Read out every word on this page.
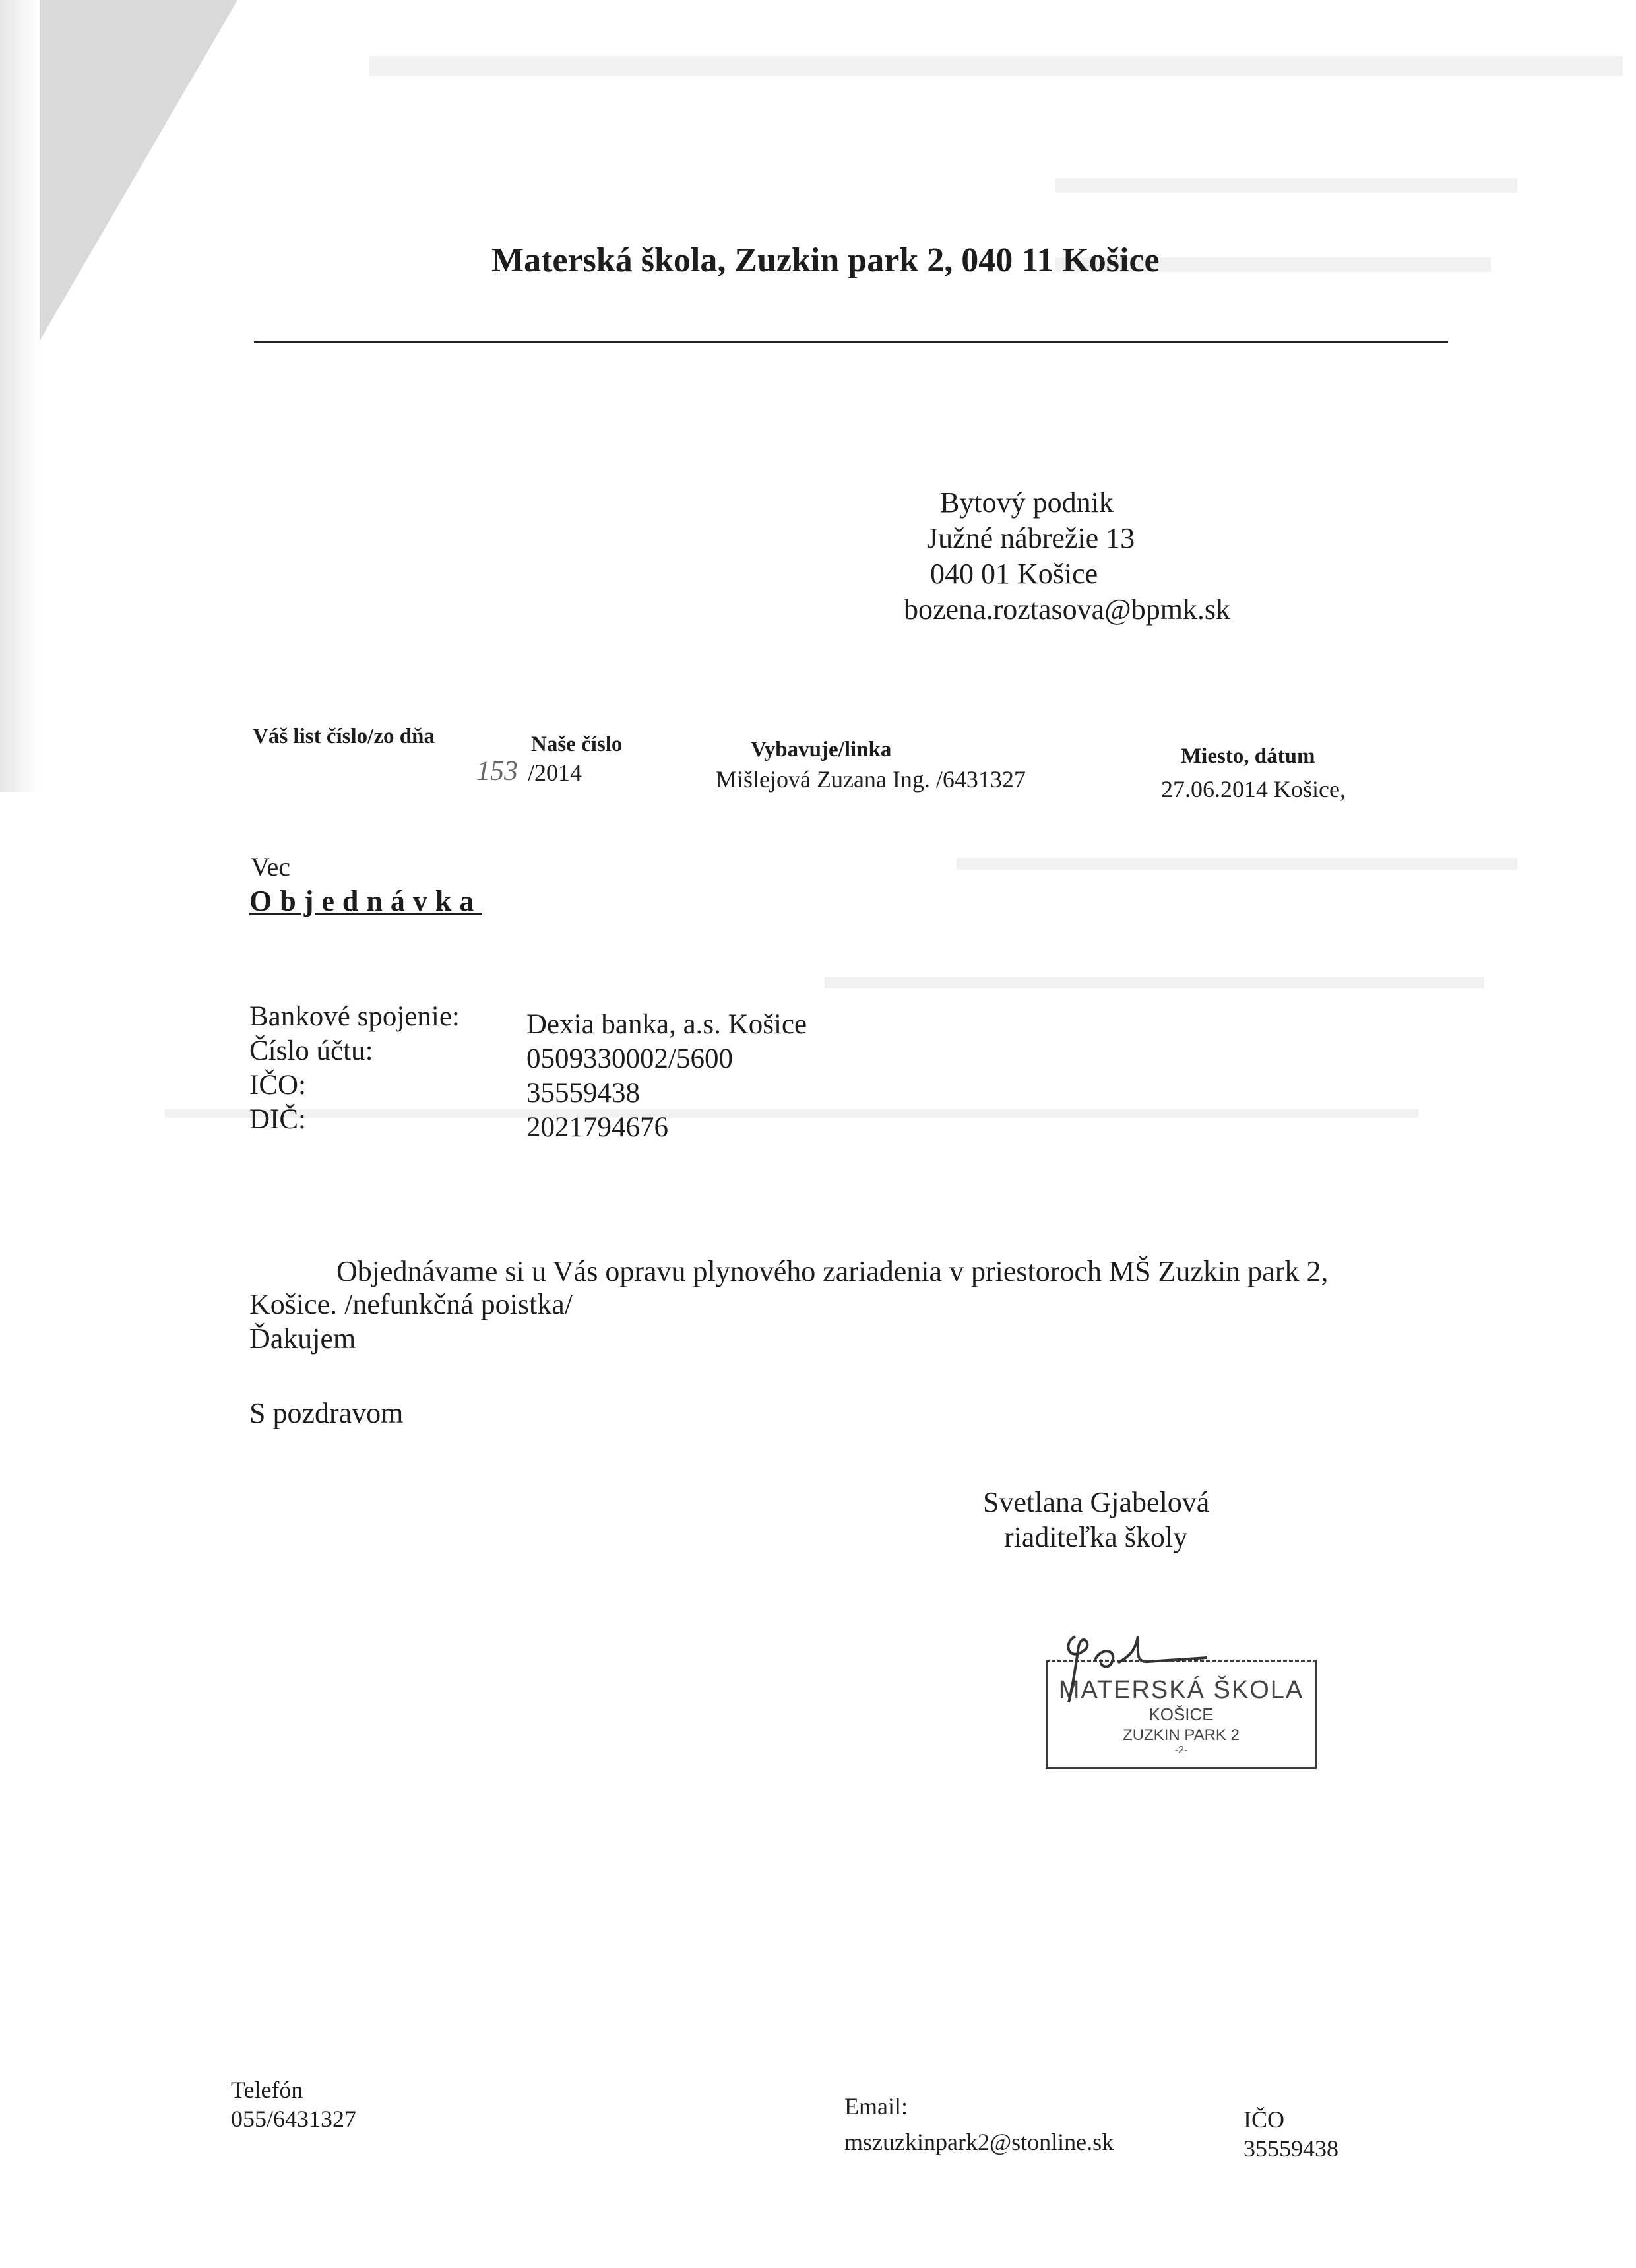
Materská škola, Zuzkin park 2, 040 11 Košice
Bytový podnik
Južné nábrežie 13
040 01 Košice
bozena.roztasova@bpmk.sk
Váš list číslo/zo dňa	Naše číslo
153 /2014
Vybavuje/linka
Mišlejová Zuzana Ing. /6431327
Miesto, dátum
27.06.2014 Košice,
Vec
Objednávka
Bankové spojenie:
Číslo účtu:
IČO:
DIČ:
Dexia banka, a.s. Košice
0509330002/5600
35559438
2021794676
Objednávame si u Vás opravu plynového zariadenia v priestoroch MŠ Zuzkin park 2,
Košice. /nefunkčná poistka/
Ďakujem
S pozdravom
Svetlana Gjabelová
riaditeľka školy
MATERSKÁ ŠKOLA
KOŠICE
ZUZKIN PARK 2
-2-
Telefón
055/6431327	Email:
mszuzkinpark2@stonline.sk
IČO
35559438
